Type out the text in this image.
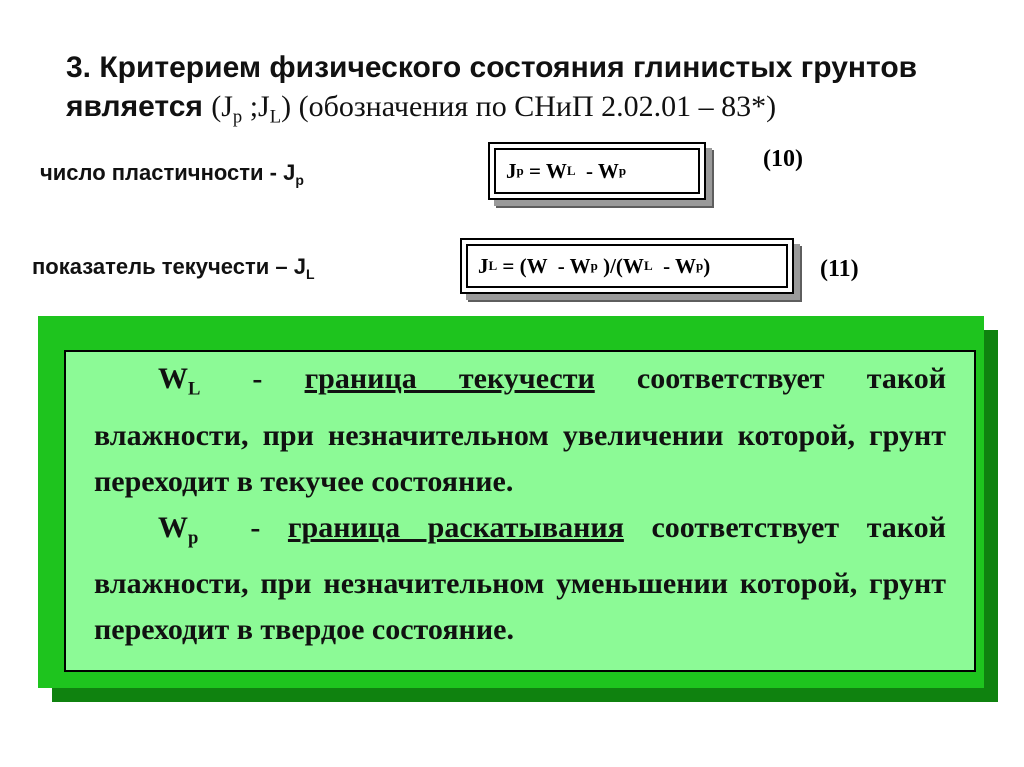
3. Критерием физического состояния глинистых грунтов
является ($J_p$ $;J_L$) (обозначения по СНиП 2.02.01 – 83*)
число пластичности - $J_p$	J p = W L - W p	(10)
показатель текучести – $J_L$	J L = (W  - W p )/(W L - W p )	(11)
$W_L$ - граница текучести соответствует такой влажности, при незначительном увеличении которой, грунт переходит в текучее состояние.
$W_p$ - граница раскатывания соответствует такой влажности, при незначительном уменьшении которой, грунт переходит в твердое состояние.
